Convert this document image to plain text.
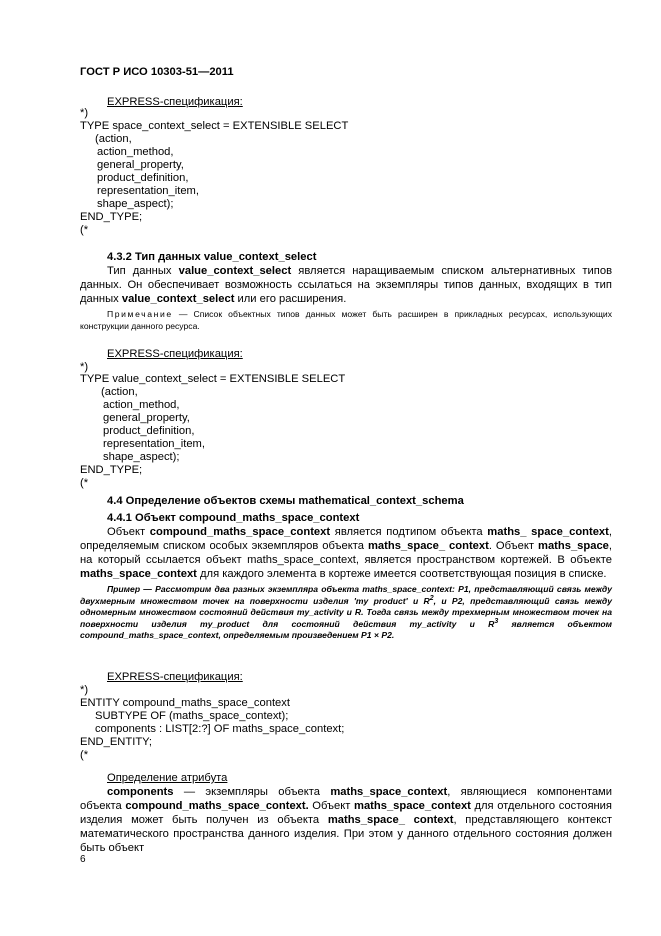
ГОСТ Р ИСО 10303-51—2011
EXPRESS-спецификация:
*)
TYPE space_context_select = EXTENSIBLE SELECT
(action,
action_method,
general_property,
product_definition,
representation_item,
shape_aspect);
END_TYPE;
(*
4.3.2 Тип данных value_context_select
Тип данных value_context_select является наращиваемым списком альтернативных типов данных. Он обеспечивает возможность ссылаться на экземпляры типов данных, входящих в тип данных value_context_select или его расширения.
Примечание — Список объектных типов данных может быть расширен в прикладных ресурсах, использующих конструкции данного ресурса.
EXPRESS-спецификация:
*)
TYPE value_context_select = EXTENSIBLE SELECT
(action,
action_method,
general_property,
product_definition,
representation_item,
shape_aspect);
END_TYPE;
(*
4.4 Определение объектов схемы mathematical_context_schema
4.4.1 Объект compound_maths_space_context
Объект compound_maths_space_context является подтипом объекта maths_ space_context, определяемым списком особых экземпляров объекта maths_space_ context. Объект maths_space, на который ссылается объект maths_space_context, является пространством кортежей. В объекте maths_space_context для каждого элемента в кортеже имеется соответствующая позиция в списке.
Пример — Рассмотрим два разных экземпляра объекта maths_space_context: P1, представляющий связь между двухмерным множеством точек на поверхности изделия 'my product' и $R^2$, и P2, представляющий связь между одномерным множеством состояний действия my_activity и R. Тогда связь между трехмерным множеством точек на поверхности изделия my_product для состояний действия my_activity и $R^3$ является объектом compound_maths_space_context, определяемым произведением P1 × P2.
EXPRESS-спецификация:
*)
ENTITY compound_maths_space_context
SUBTYPE OF (maths_space_context);
components : LIST[2:?] OF maths_space_context;
END_ENTITY;
(*
Определение атрибута
components — экземпляры объекта maths_space_context, являющиеся компонентами объекта compound_maths_space_context. Объект maths_space_context для отдельного состояния изделия может быть получен из объекта maths_space_ context, представляющего контекст математического пространства данного изделия. При этом у данного отдельного состояния должен быть объект
6
